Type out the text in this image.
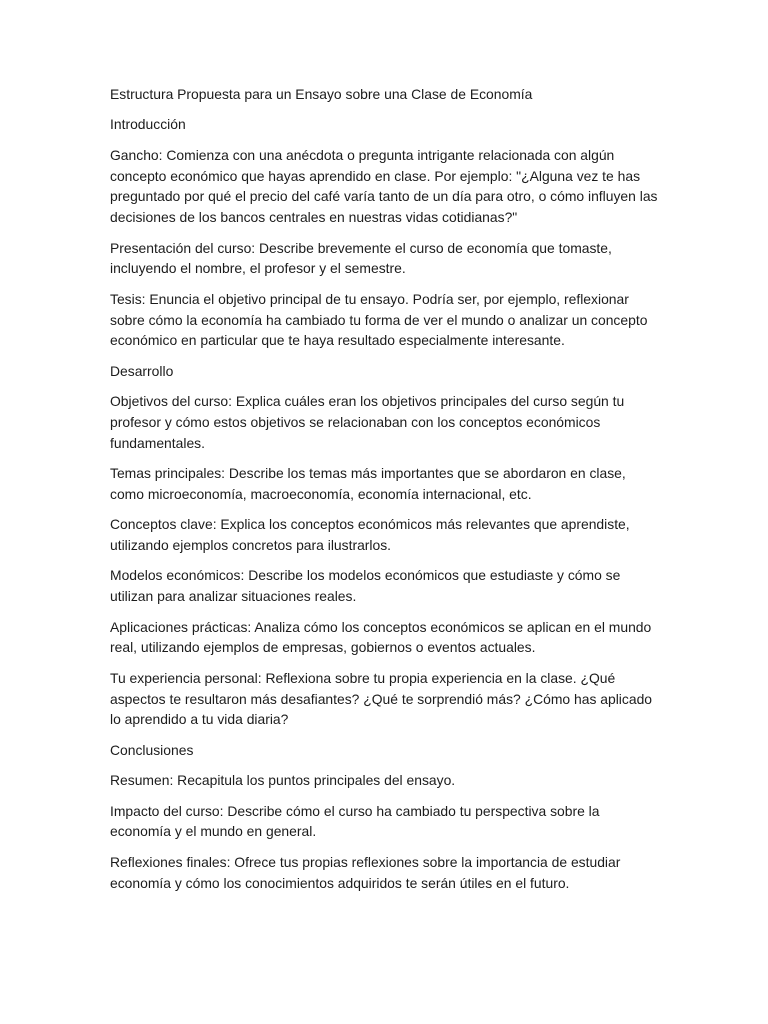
Estructura Propuesta para un Ensayo sobre una Clase de Economía

Introducción

Gancho: Comienza con una anécdota o pregunta intrigante relacionada con algún concepto económico que hayas aprendido en clase. Por ejemplo: "¿Alguna vez te has preguntado por qué el precio del café varía tanto de un día para otro, o cómo influyen las decisiones de los bancos centrales en nuestras vidas cotidianas?"

Presentación del curso: Describe brevemente el curso de economía que tomaste, incluyendo el nombre, el profesor y el semestre.

Tesis: Enuncia el objetivo principal de tu ensayo. Podría ser, por ejemplo, reflexionar sobre cómo la economía ha cambiado tu forma de ver el mundo o analizar un concepto económico en particular que te haya resultado especialmente interesante.

Desarrollo

Objetivos del curso: Explica cuáles eran los objetivos principales del curso según tu profesor y cómo estos objetivos se relacionaban con los conceptos económicos fundamentales.

Temas principales: Describe los temas más importantes que se abordaron en clase, como microeconomía, macroeconomía, economía internacional, etc.

Conceptos clave: Explica los conceptos económicos más relevantes que aprendiste, utilizando ejemplos concretos para ilustrarlos.

Modelos económicos: Describe los modelos económicos que estudiaste y cómo se utilizan para analizar situaciones reales.

Aplicaciones prácticas: Analiza cómo los conceptos económicos se aplican en el mundo real, utilizando ejemplos de empresas, gobiernos o eventos actuales.

Tu experiencia personal: Reflexiona sobre tu propia experiencia en la clase. ¿Qué aspectos te resultaron más desafiantes? ¿Qué te sorprendió más? ¿Cómo has aplicado lo aprendido a tu vida diaria?

Conclusiones

Resumen: Recapitula los puntos principales del ensayo.

Impacto del curso: Describe cómo el curso ha cambiado tu perspectiva sobre la economía y el mundo en general.

Reflexiones finales: Ofrece tus propias reflexiones sobre la importancia de estudiar economía y cómo los conocimientos adquiridos te serán útiles en el futuro.
